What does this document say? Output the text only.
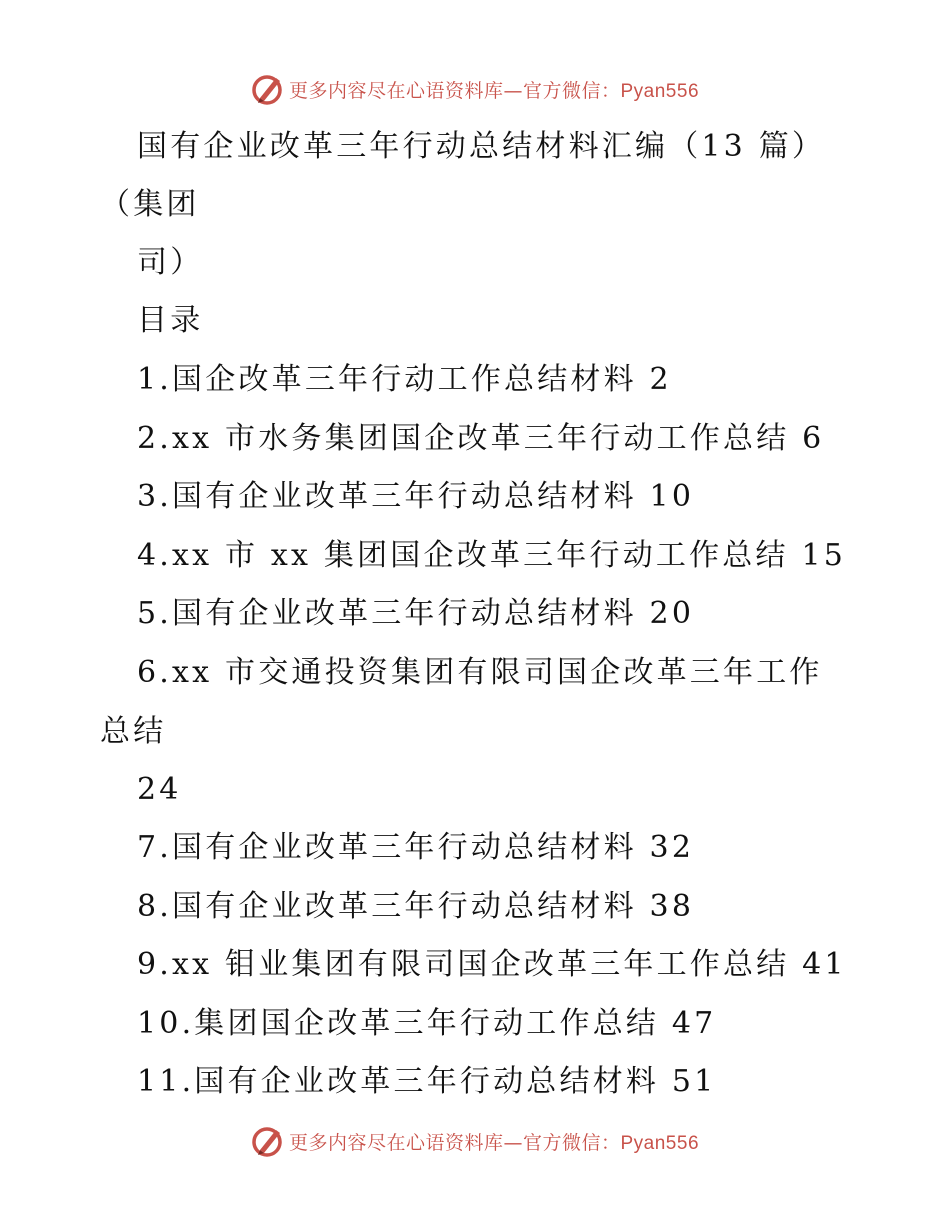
更多内容尽在心语资料库—官方微信：Pyan556
国有企业改革三年行动总结材料汇编（13 篇）
（集团
司）
目录
1.国企改革三年行动工作总结材料 2
2.xx 市水务集团国企改革三年行动工作总结 6
3.国有企业改革三年行动总结材料 10
4.xx 市 xx 集团国企改革三年行动工作总结 15
5.国有企业改革三年行动总结材料 20
6.xx 市交通投资集团有限司国企改革三年工作
总结
24
7.国有企业改革三年行动总结材料 32
8.国有企业改革三年行动总结材料 38
9.xx 钼业集团有限司国企改革三年工作总结 41
10.集团国企改革三年行动工作总结 47
11.国有企业改革三年行动总结材料 51
更多内容尽在心语资料库—官方微信：Pyan556
